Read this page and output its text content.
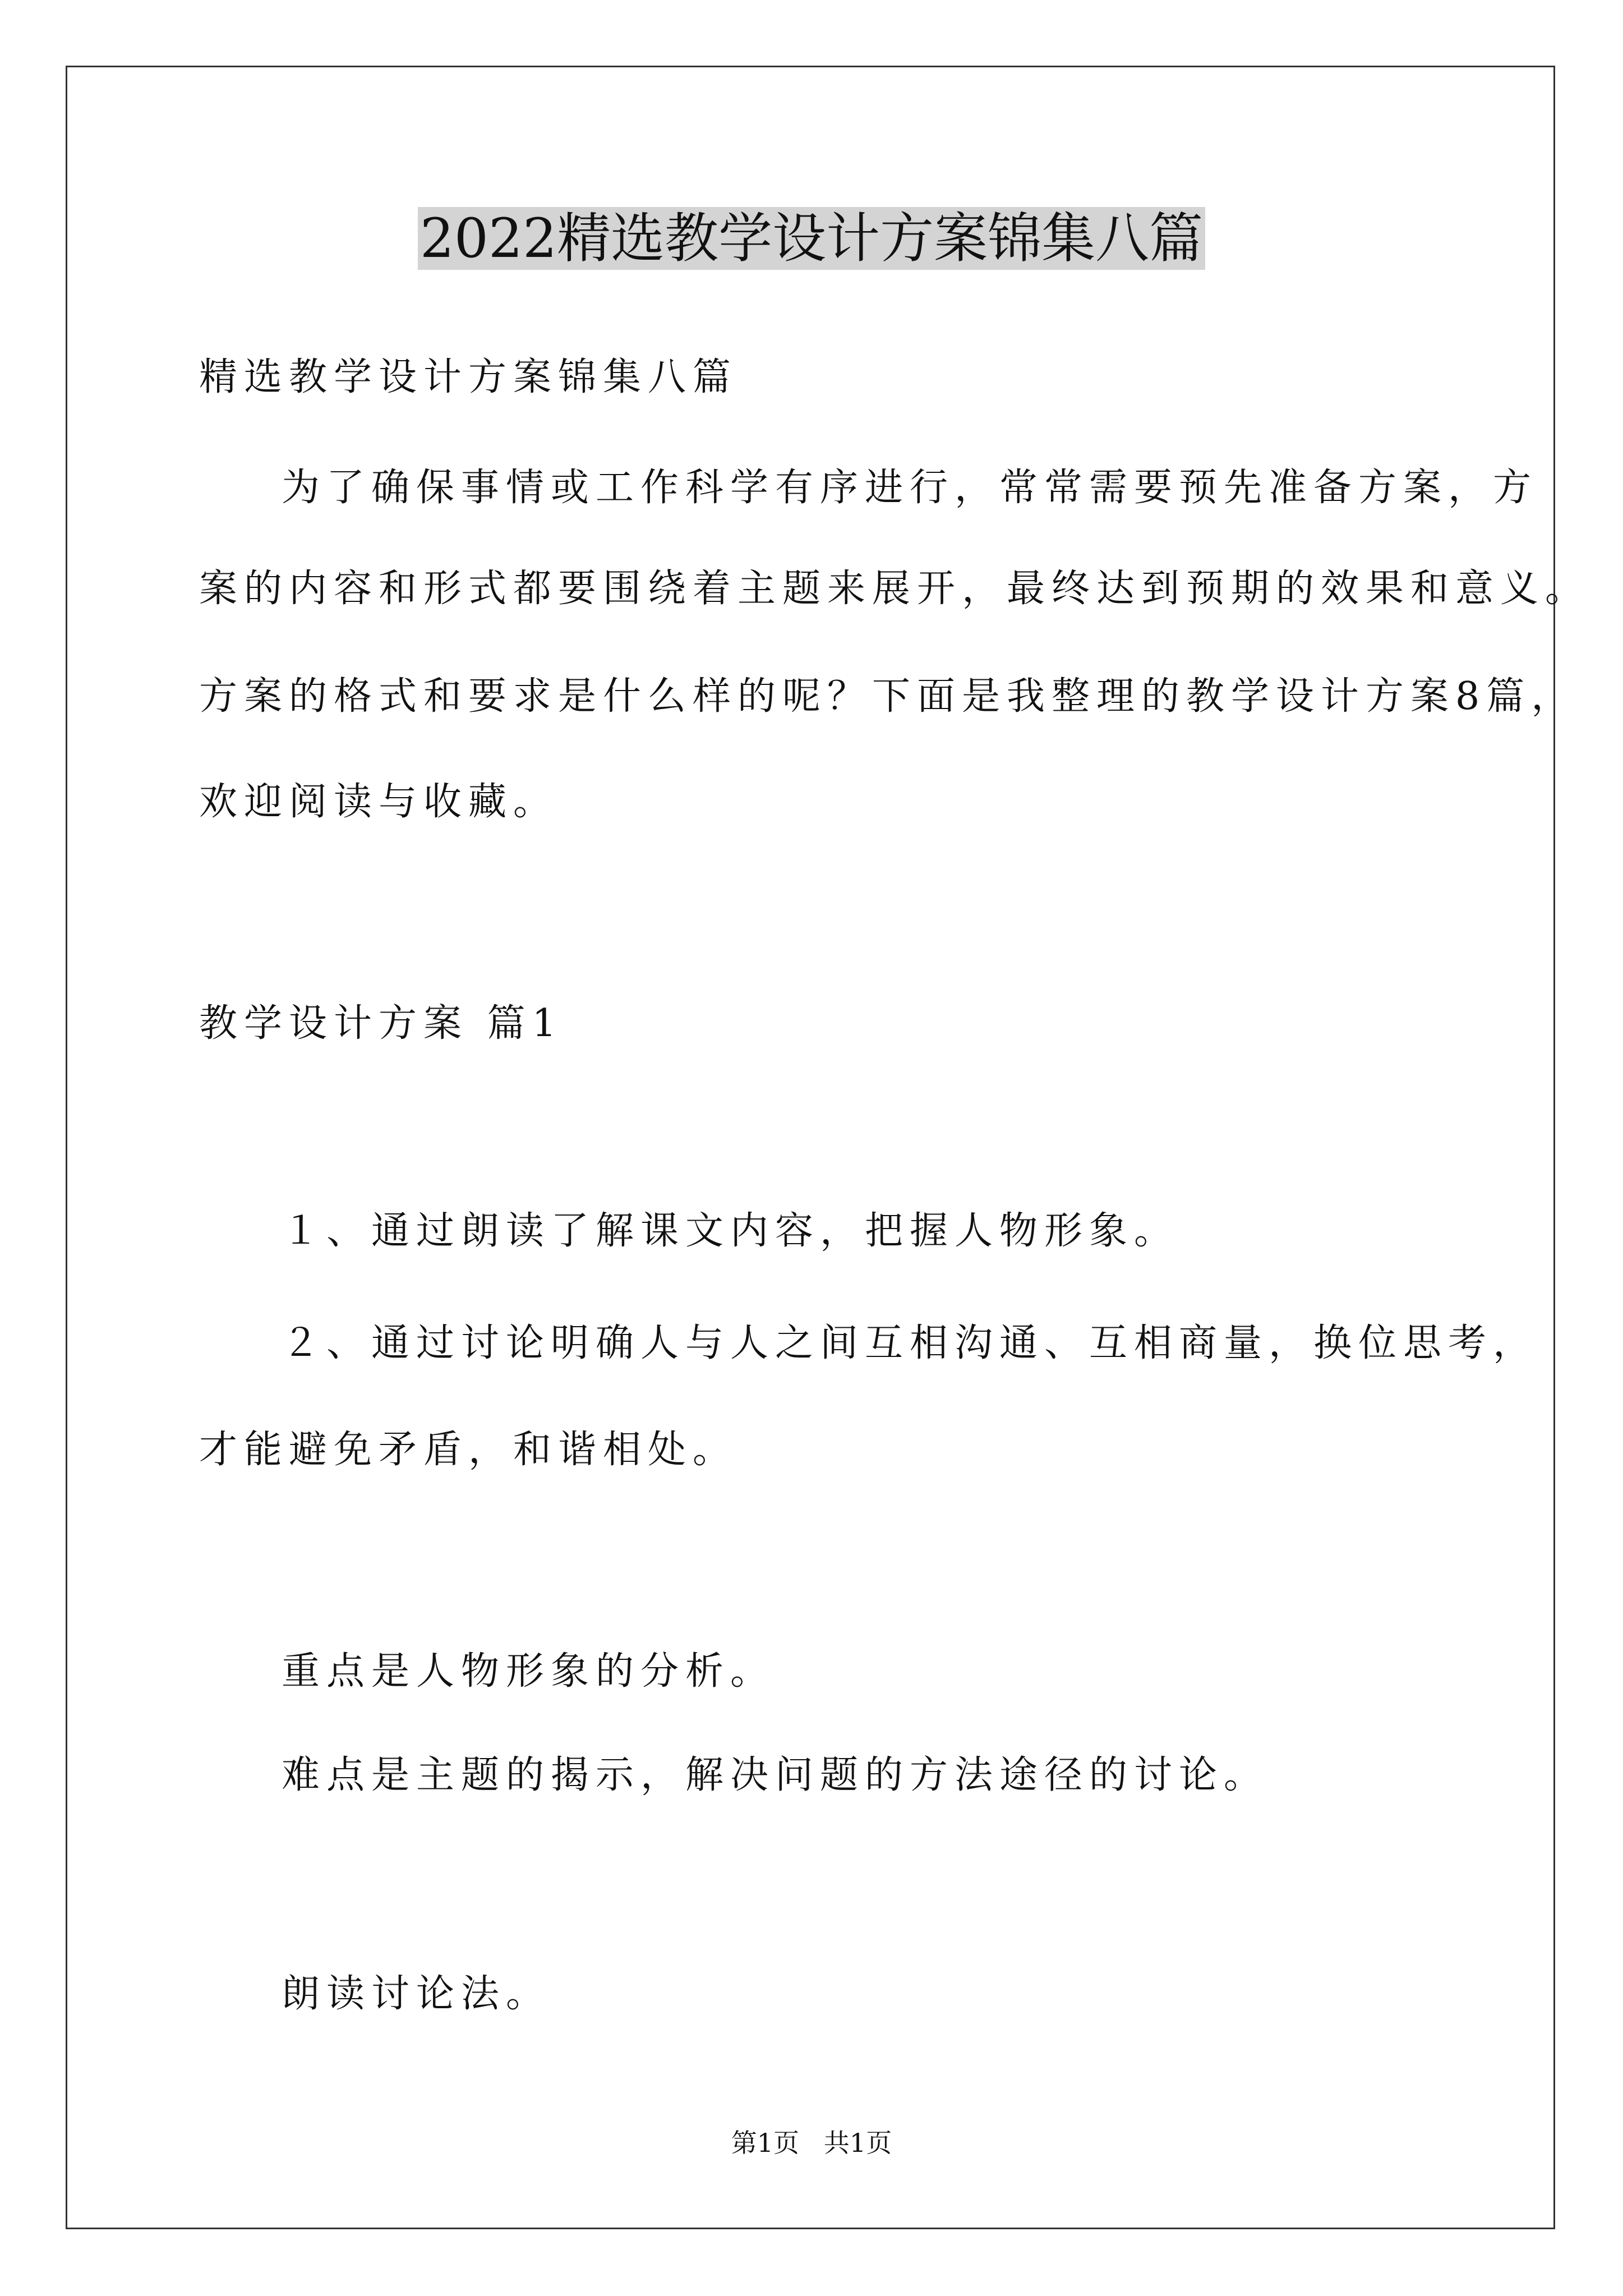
2022精选教学设计方案锦集八篇
精选教学设计方案锦集八篇
为了确保事情或工作科学有序进行，常常需要预先准备方案，方
案的内容和形式都要围绕着主题来展开，最终达到预期的效果和意义。
方案的格式和要求是什么样的呢？下面是我整理的教学设计方案8篇，
欢迎阅读与收藏。
教学设计方案 篇1
１、通过朗读了解课文内容，把握人物形象。
２、通过讨论明确人与人之间互相沟通、互相商量，换位思考，
才能避免矛盾，和谐相处。
重点是人物形象的分析。
难点是主题的揭示，解决问题的方法途径的讨论。
朗读讨论法。
第1页   共1页
